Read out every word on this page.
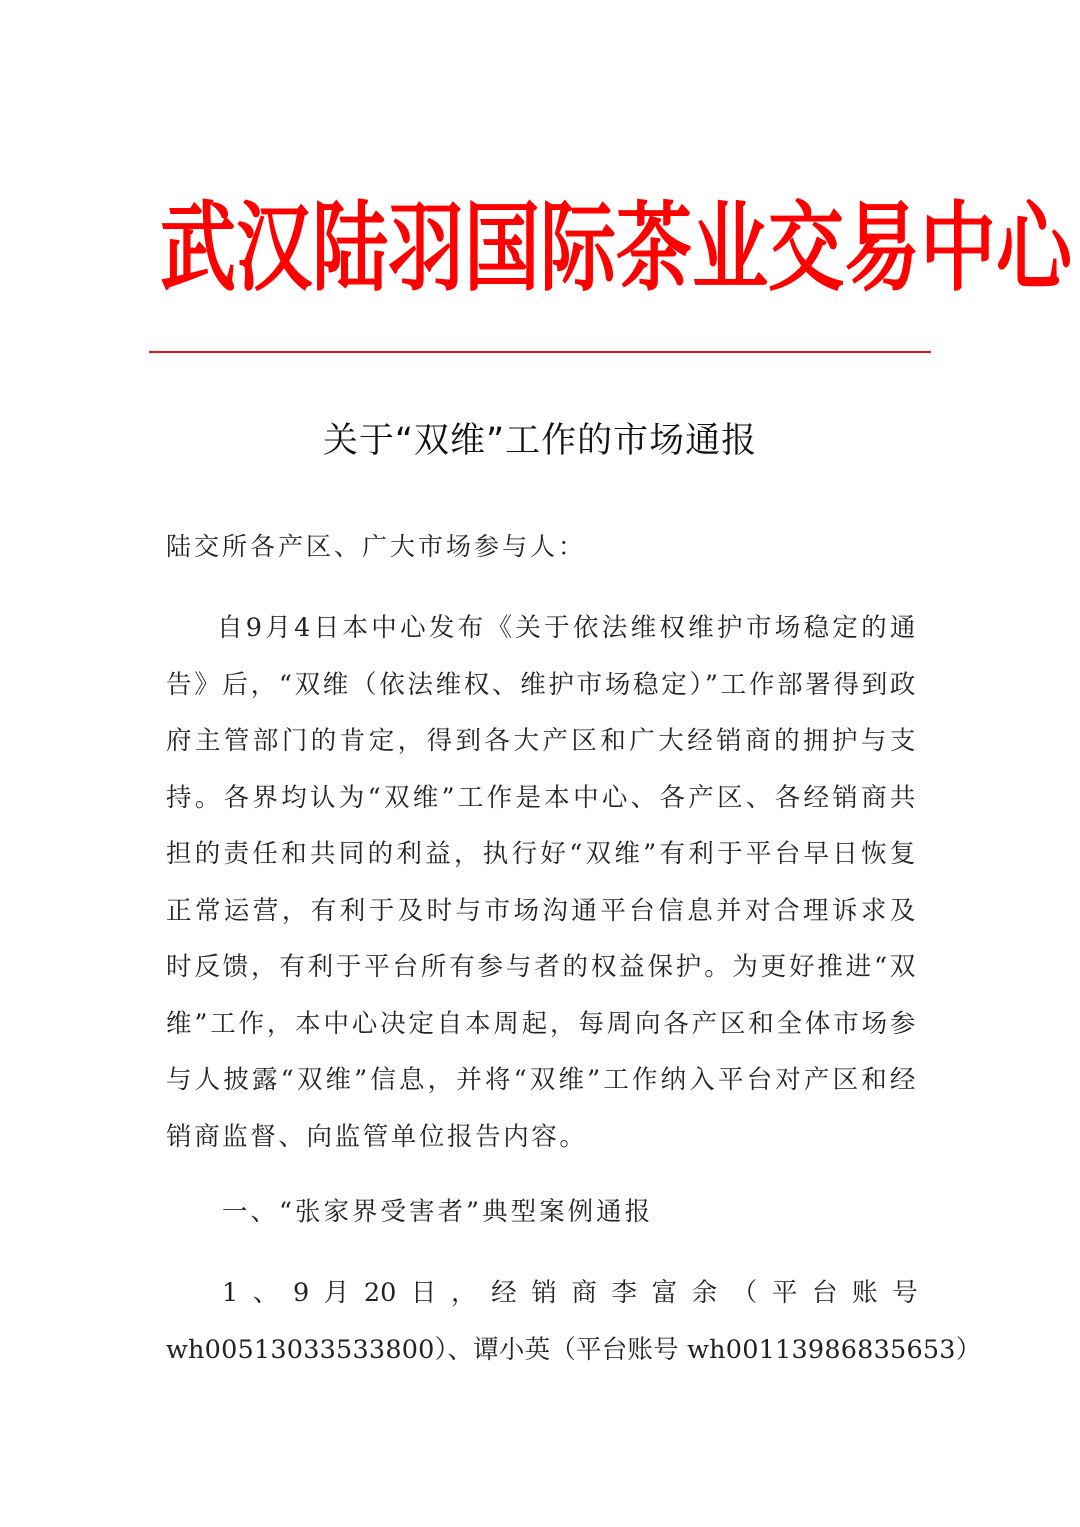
武汉陆羽国际茶业交易中心
关于“双维”工作的市场通报
陆交所各产区、广大市场参与人：
自9月4日本中心发布《关于依法维权维护市场稳定的通告》后，“双维（依法维权、维护市场稳定）”工作部署得到政府主管部门的肯定，得到各大产区和广大经销商的拥护与支持。各界均认为“双维”工作是本中心、各产区、各经销商共担的责任和共同的利益，执行好“双维”有利于平台早日恢复正常运营，有利于及时与市场沟通平台信息并对合理诉求及时反馈，有利于平台所有参与者的权益保护。为更好推进“双维”工作，本中心决定自本周起，每周向各产区和全体市场参与人披露“双维”信息，并将“双维”工作纳入平台对产区和经销商监督、向监管单位报告内容。
一、“张家界受害者”典型案例通报
1 、 9 月 20 日 ， 经 销 商 李 富 余 （ 平 台 账 号
wh00513033533800）、谭小英（平台账号 wh00113986835653）
